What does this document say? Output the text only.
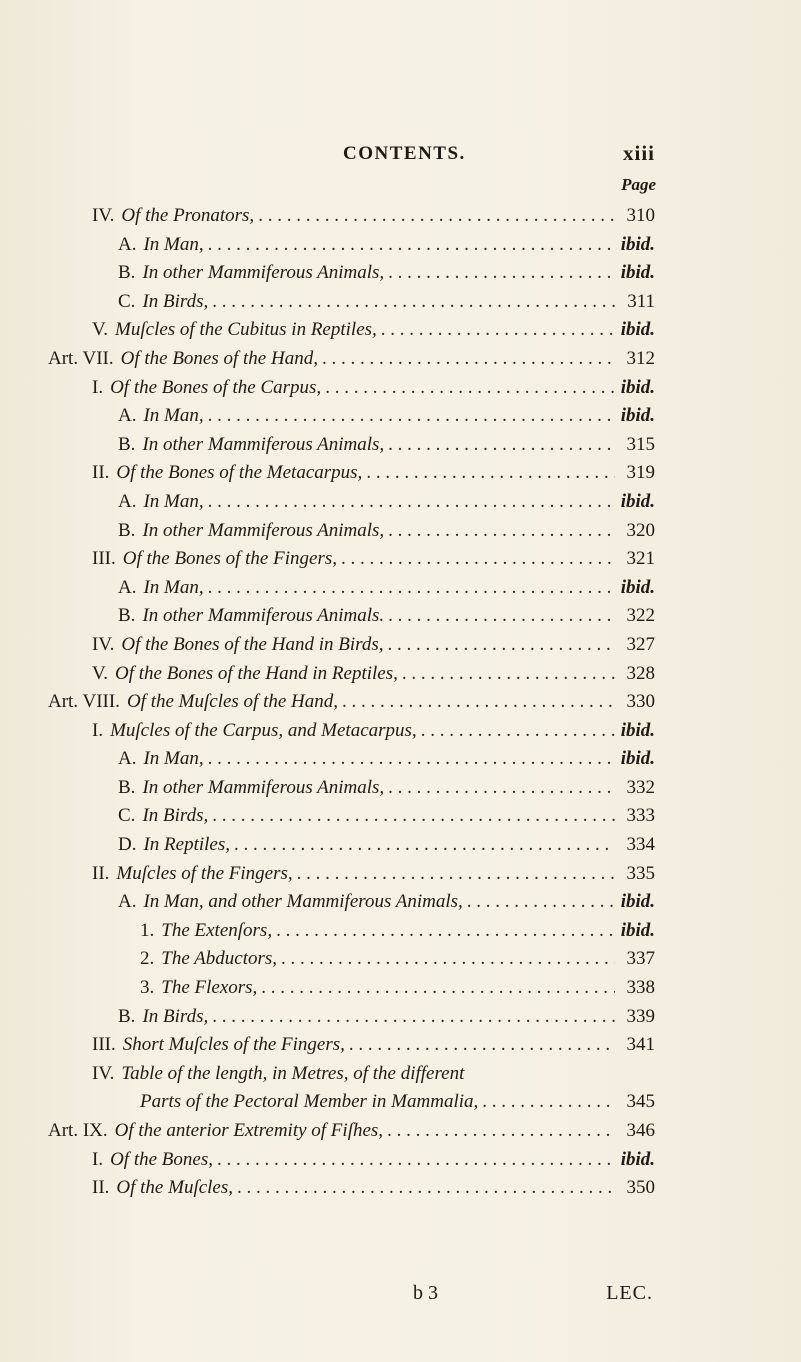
CONTENTS.	xiii
Page
IV. Of the Pronators, . . .	310
A. In Man, . . .	ibid.
B. In other Mammiferous Animals, . . .	ibid.
C. In Birds, . . .	311
V. Muſcles of the Cubitus in Reptiles, . . .	ibid.
Art. VII. Of the Bones of the Hand, . . .	312
I. Of the Bones of the Carpus, . . .	ibid.
A. In Man, . . .	ibid.
B. In other Mammiferous Animals, . . .	315
II. Of the Bones of the Metacarpus, . . .	319
A. In Man, . . .	ibid.
B. In other Mammiferous Animals, . . .	320
III. Of the Bones of the Fingers, . . .	321
A. In Man, . . .	ibid.
B. In other Mammiferous Animals. . . .	322
IV. Of the Bones of the Hand in Birds, . . .	327
V. Of the Bones of the Hand in Reptiles, . . .	328
Art. VIII. Of the Muſcles of the Hand, . . .	330
I. Muſcles of the Carpus, and Metacarpus, . . .	ibid.
A. In Man, . . .	ibid.
B. In other Mammiferous Animals, . . .	332
C. In Birds, . . .	333
D. In Reptiles, . . .	334
II. Muſcles of the Fingers, . . .	335
A. In Man, and other Mammiferous Animals, . . .	ibid.
1. The Extenſors, . . .	ibid.
2. The Abductors, . . .	337
3. The Flexors, . . .	338
B. In Birds, . . .	339
III. Short Muſcles of the Fingers, . . .	341
IV. Table of the length, in Metres, of the different
Parts of the Pectoral Member in Mammalia, . . .	345
Art. IX. Of the anterior Extremity of Fiſhes, . . .	346
I. Of the Bones, . . .	ibid.
II. Of the Muſcles, . . .	350
b 3	LEC.
